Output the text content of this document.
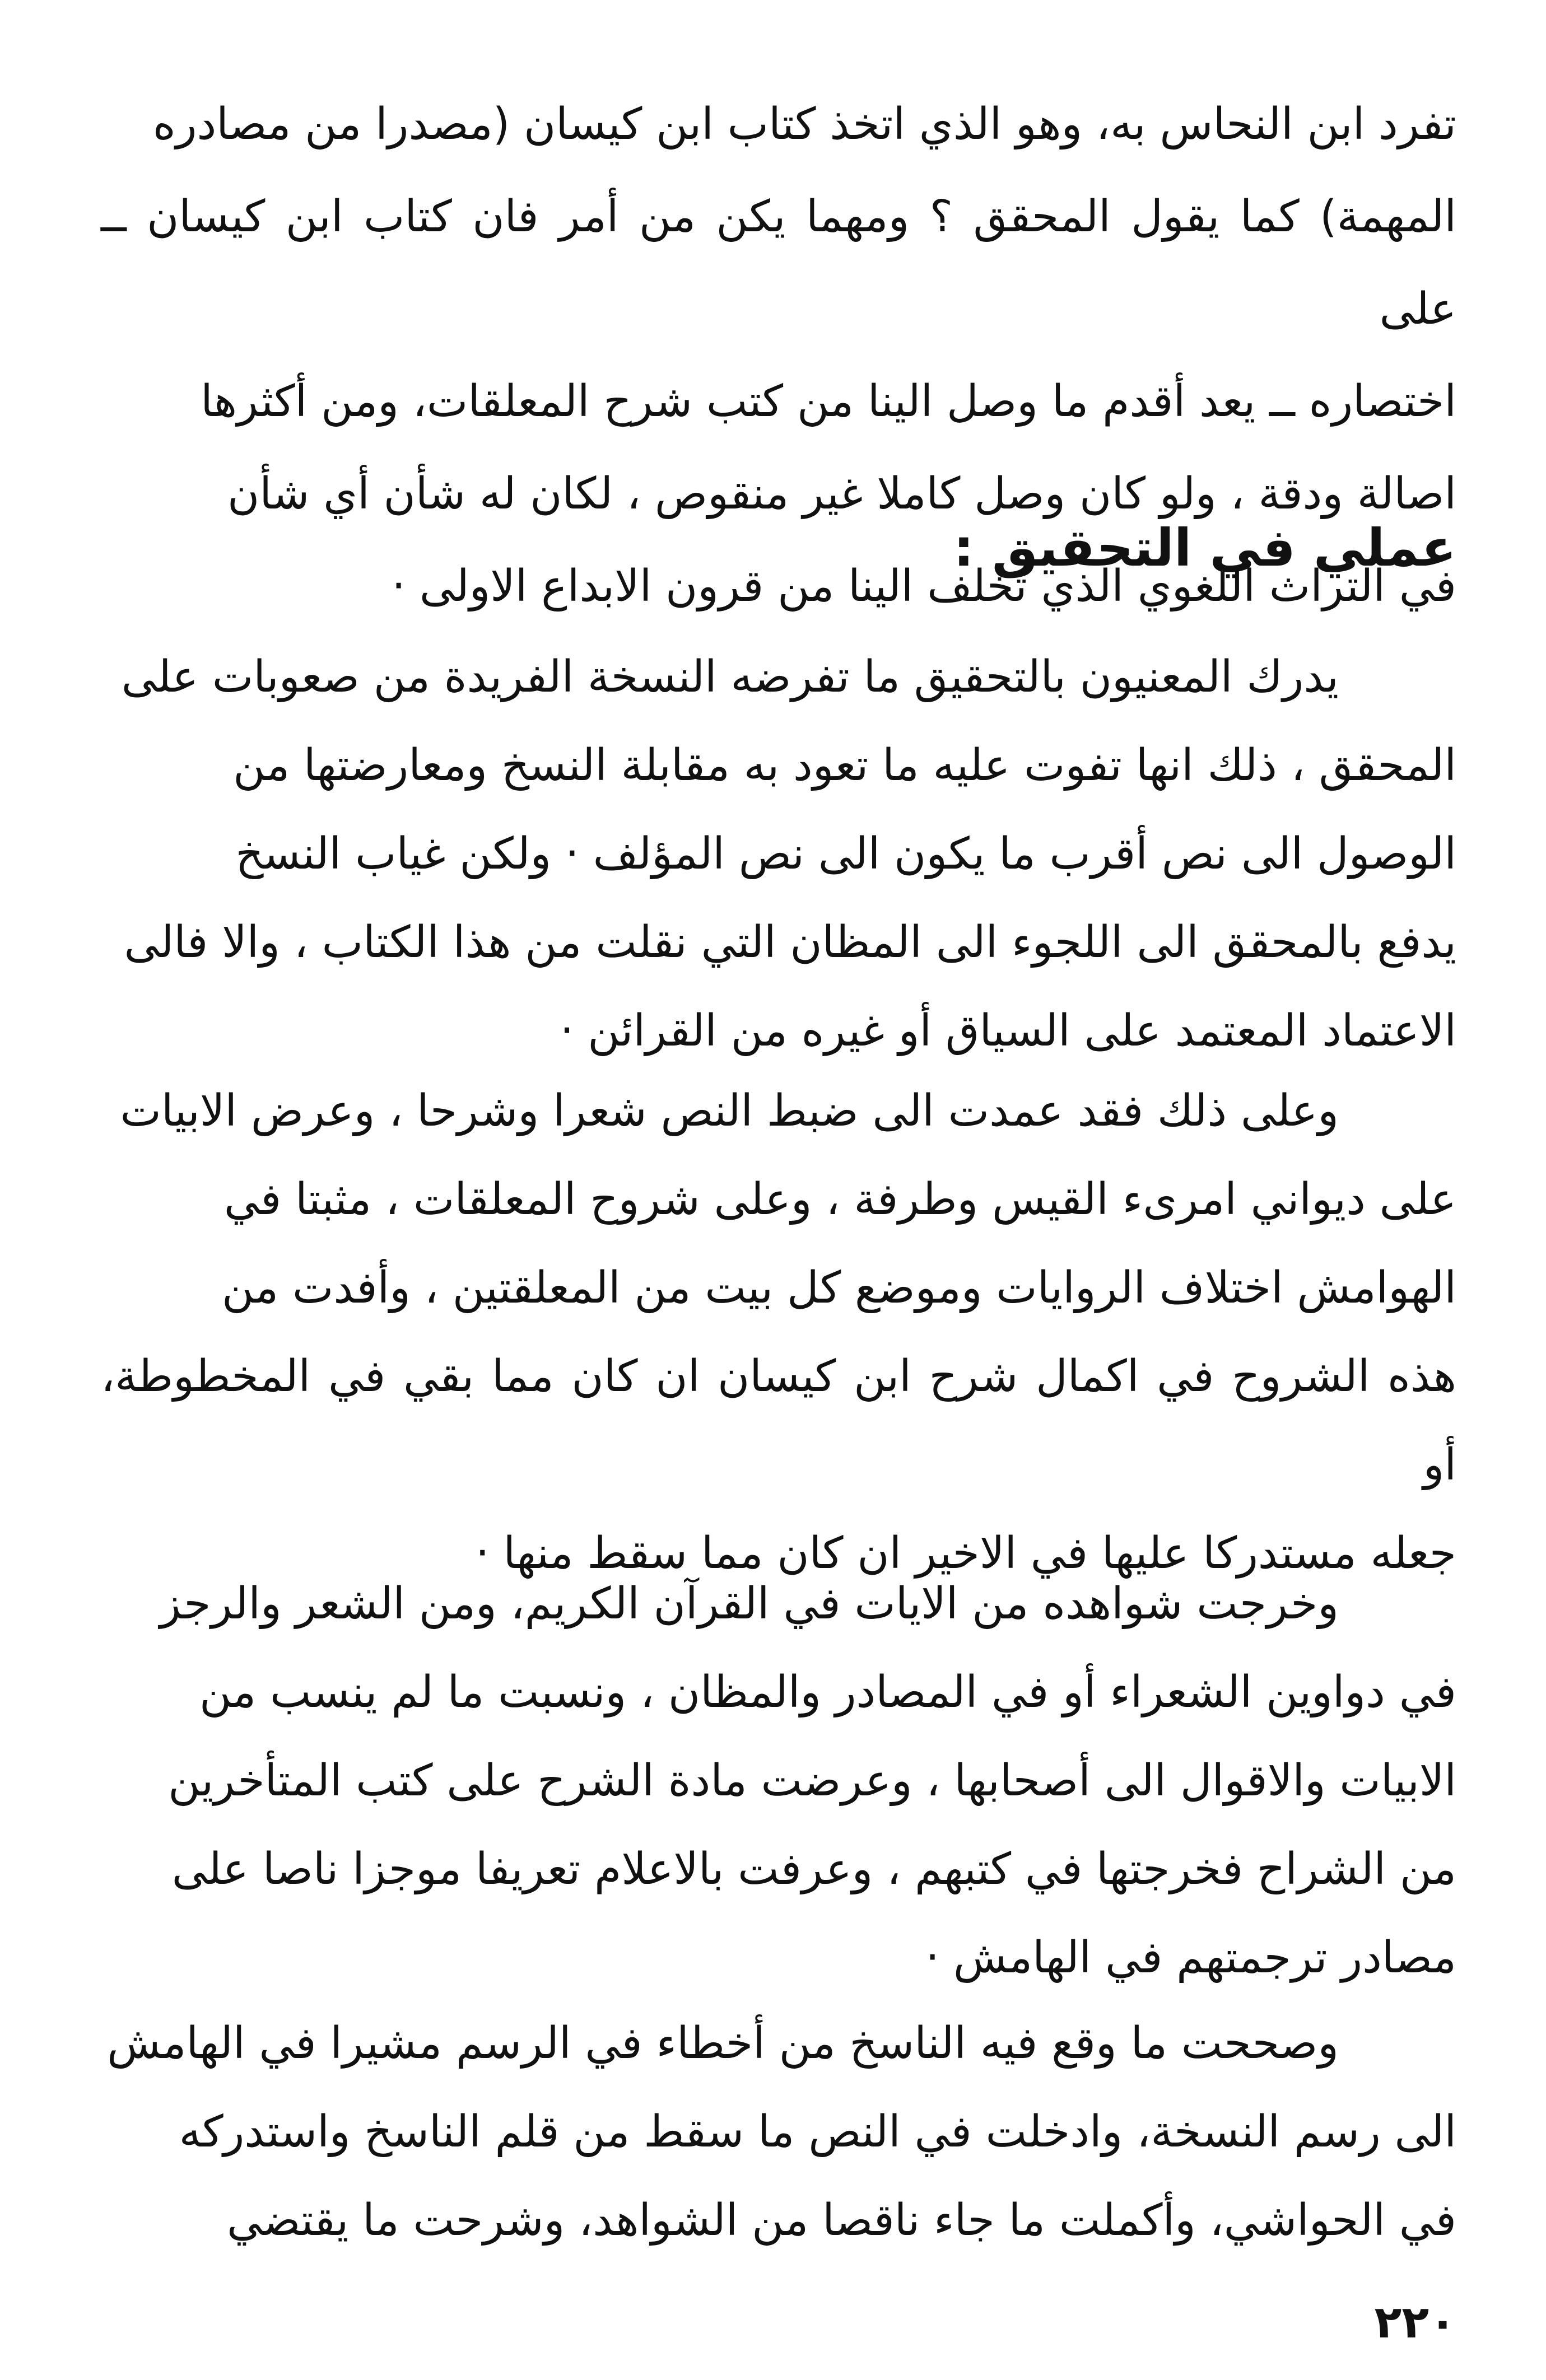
تفرد ابن النحاس به، وهو الذي اتخذ كتاب ابن كيسان (مصدرا من مصادره
المهمة) كما يقول المحقق ؟ ومهما يكن من أمر فان كتاب ابن كيسان ــ على
اختصاره ــ يعد أقدم ما وصل الينا من كتب شرح المعلقات، ومن أكثرها
اصالة ودقة ، ولو كان وصل كاملا غير منقوص ، لكان له شأن أي شأن
في التراث اللغوي الذي تخلف الينا من قرون الابداع الاولى ·
عملي في التحقيق :
يدرك المعنيون بالتحقيق ما تفرضه النسخة الفريدة من صعوبات على
المحقق ، ذلك انها تفوت عليه ما تعود به مقابلة النسخ ومعارضتها من
الوصول الى نص أقرب ما يكون الى نص المؤلف · ولكن غياب النسخ
يدفع بالمحقق الى اللجوء الى المظان التي نقلت من هذا الكتاب ، والا فالى
الاعتماد المعتمد على السياق أو غيره من القرائن ·
وعلى ذلك فقد عمدت الى ضبط النص شعرا وشرحا ، وعرض الابيات
على ديواني امرىء القيس وطرفة ، وعلى شروح المعلقات ، مثبتا في
الهوامش اختلاف الروايات وموضع كل بيت من المعلقتين ، وأفدت من
هذه الشروح في اكمال شرح ابن كيسان ان كان مما بقي في المخطوطة، أو
جعله مستدركا عليها في الاخير ان كان مما سقط منها ·
وخرجت شواهده من الايات في القرآن الكريم، ومن الشعر والرجز
في دواوين الشعراء أو في المصادر والمظان ، ونسبت ما لم ينسب من
الابيات والاقوال الى أصحابها ، وعرضت مادة الشرح على كتب المتأخرين
من الشراح فخرجتها في كتبهم ، وعرفت بالاعلام تعريفا موجزا ناصا على
مصادر ترجمتهم في الهامش ·
وصححت ما وقع فيه الناسخ من أخطاء في الرسم مشيرا في الهامش
الى رسم النسخة، وادخلت في النص ما سقط من قلم الناسخ واستدركه
في الحواشي، وأكملت ما جاء ناقصا من الشواهد، وشرحت ما يقتضي
٢٢٠
